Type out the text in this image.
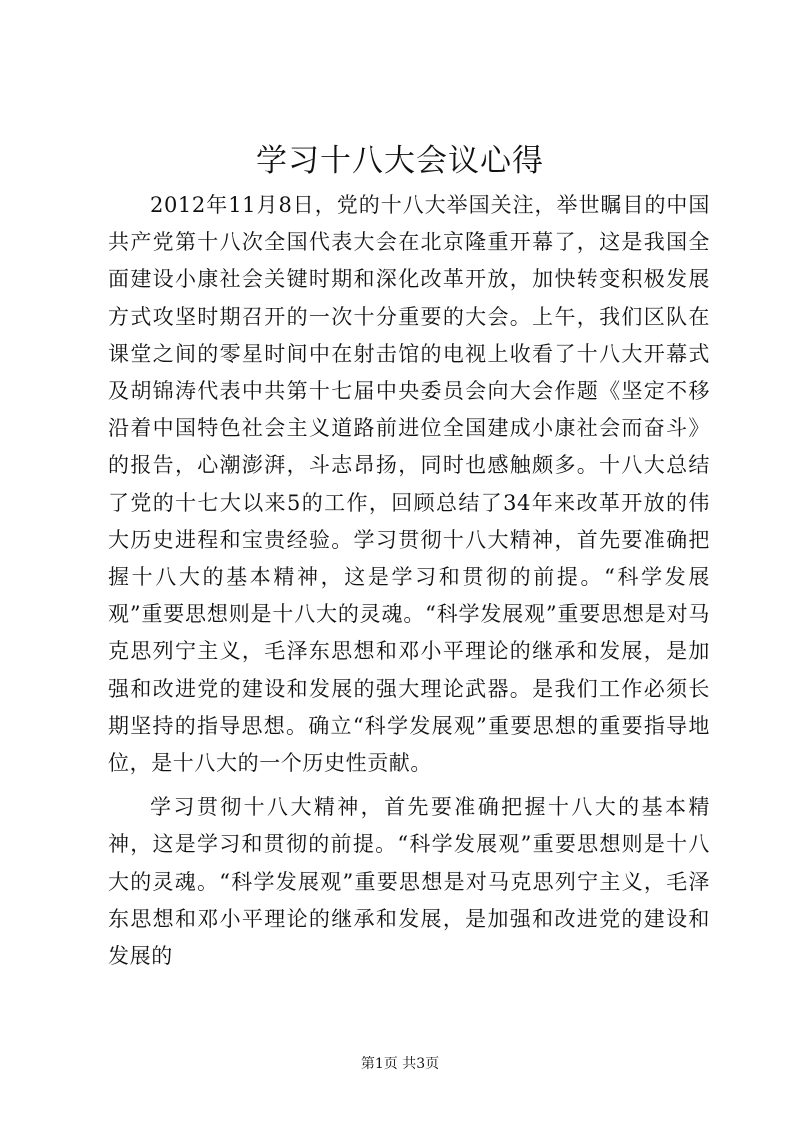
学习十八大会议心得

2012年11月8日，党的十八大举国关注，举世瞩目的中国共产党第十八次全国代表大会在北京隆重开幕了，这是我国全面建设小康社会关键时期和深化改革开放，加快转变积极发展方式攻坚时期召开的一次十分重要的大会。上午，我们区队在课堂之间的零星时间中在射击馆的电视上收看了十八大开幕式及胡锦涛代表中共第十七届中央委员会向大会作题《坚定不移沿着中国特色社会主义道路前进位全国建成小康社会而奋斗》的报告，心潮澎湃，斗志昂扬，同时也感触颇多。十八大总结了党的十七大以来5的工作，回顾总结了34年来改革开放的伟大历史进程和宝贵经验。学习贯彻十八大精神，首先要准确把握十八大的基本精神，这是学习和贯彻的前提。“科学发展观”重要思想则是十八大的灵魂。“科学发展观”重要思想是对马克思列宁主义，毛泽东思想和邓小平理论的继承和发展，是加强和改进党的建设和发展的强大理论武器。是我们工作必须长期坚持的指导思想。确立“科学发展观”重要思想的重要指导地位，是十八大的一个历史性贡献。

学习贯彻十八大精神，首先要准确把握十八大的基本精神，这是学习和贯彻的前提。“科学发展观”重要思想则是十八大的灵魂。“科学发展观”重要思想是对马克思列宁主义，毛泽东思想和邓小平理论的继承和发展，是加强和改进党的建设和发展的

第1页 共3页
